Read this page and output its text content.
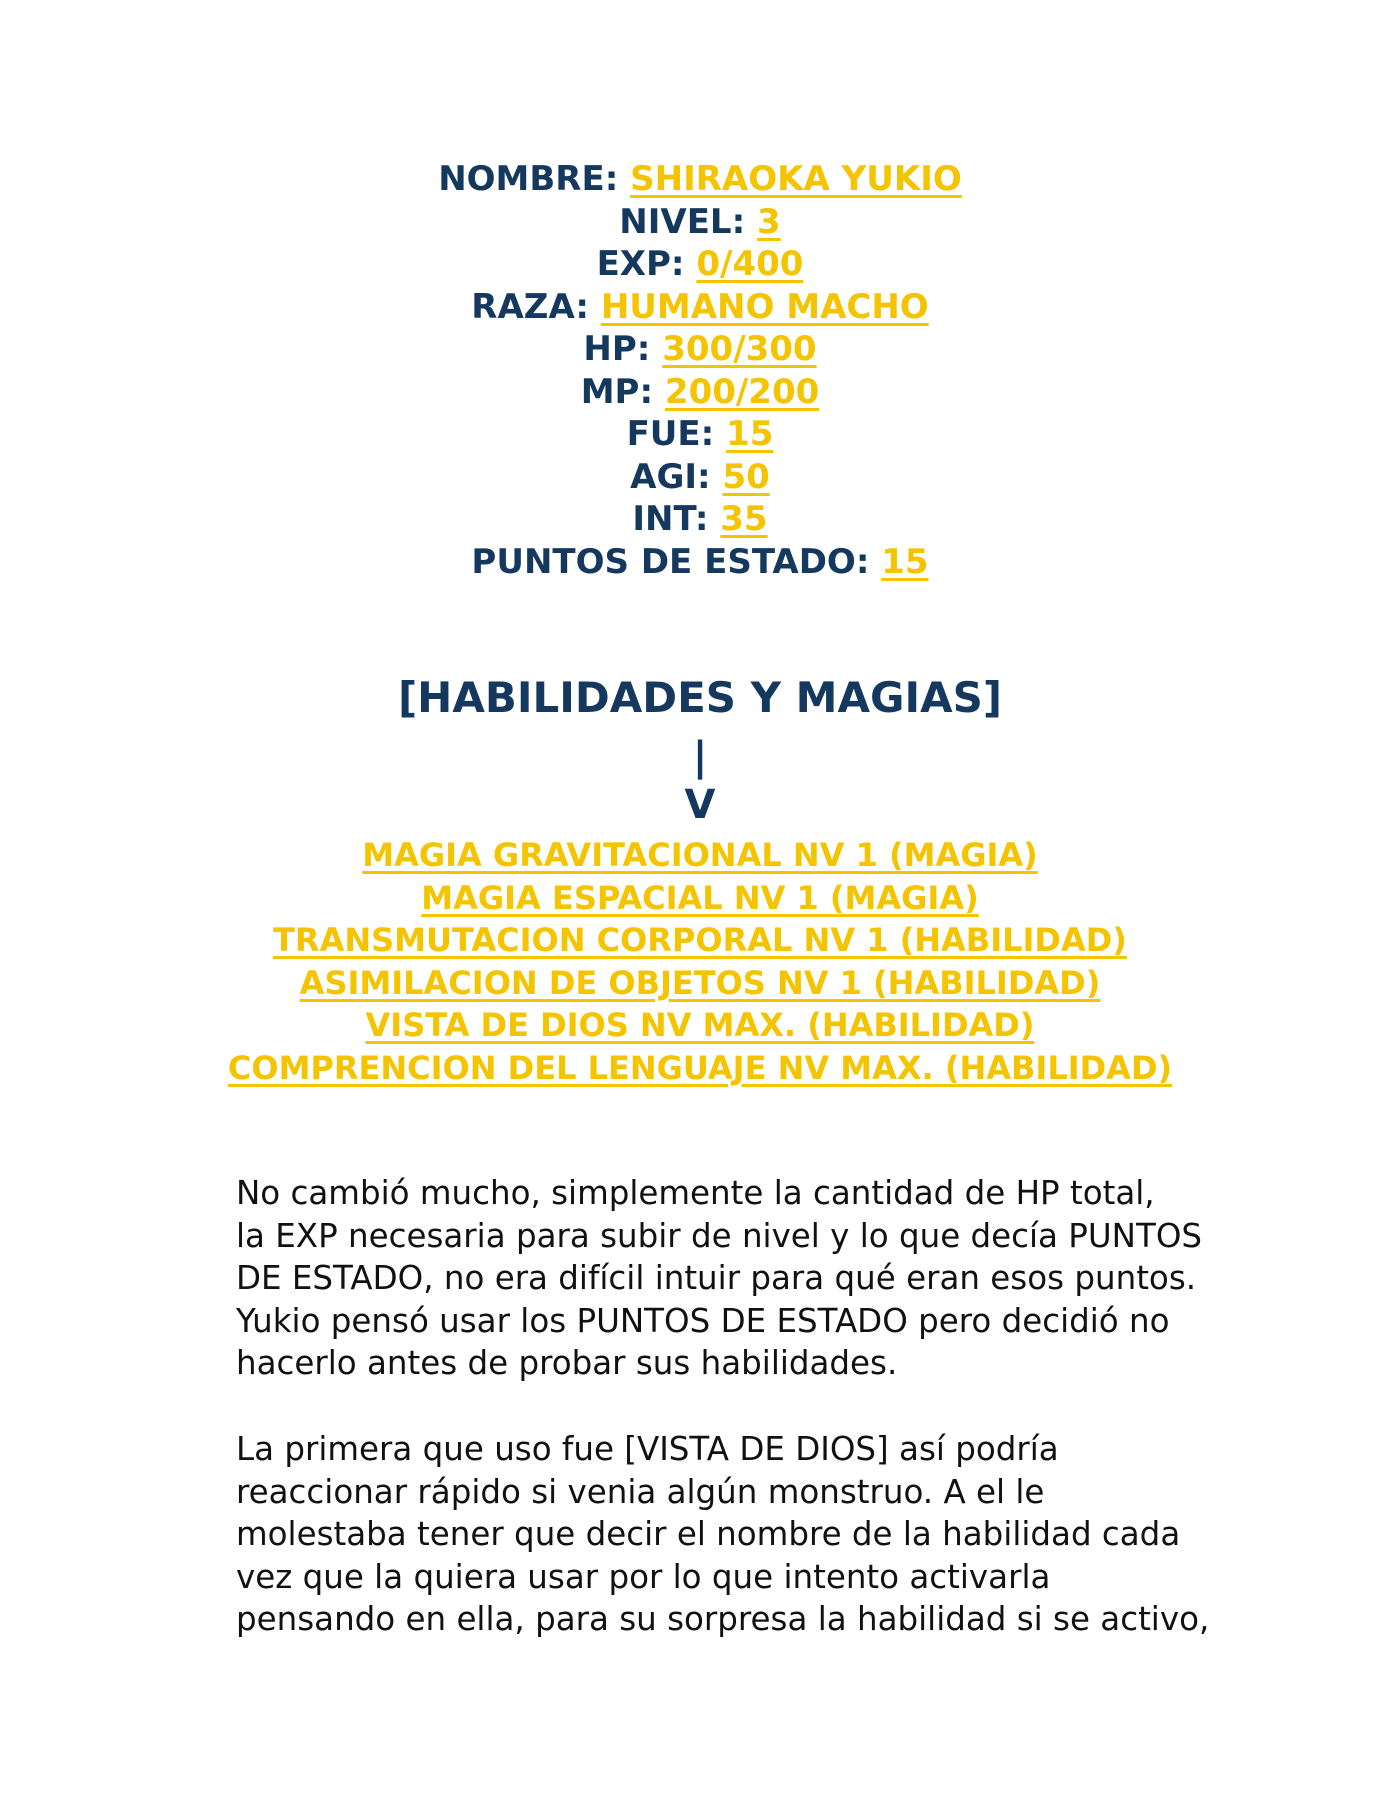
NOMBRE: SHIRAOKA YUKIO
NIVEL: 3
EXP: 0/400
RAZA: HUMANO MACHO
HP: 300/300
MP: 200/200
FUE: 15
AGI: 50
INT: 35
PUNTOS DE ESTADO: 15
[HABILIDADES Y MAGIAS]
|
V
MAGIA GRAVITACIONAL NV 1 (MAGIA)
MAGIA ESPACIAL NV 1 (MAGIA)
TRANSMUTACION CORPORAL NV 1 (HABILIDAD)
ASIMILACION DE OBJETOS NV 1 (HABILIDAD)
VISTA DE DIOS NV MAX. (HABILIDAD)
COMPRENCION DEL LENGUAJE NV MAX. (HABILIDAD)
No cambió mucho, simplemente la cantidad de HP total,
la EXP necesaria para subir de nivel y lo que decía PUNTOS
DE ESTADO, no era difícil intuir para qué eran esos puntos.
Yukio pensó usar los PUNTOS DE ESTADO pero decidió no
hacerlo antes de probar sus habilidades.
La primera que uso fue [VISTA DE DIOS] así podría
reaccionar rápido si venia algún monstruo. A el le
molestaba tener que decir el nombre de la habilidad cada
vez que la quiera usar por lo que intento activarla
pensando en ella, para su sorpresa la habilidad si se activo,
